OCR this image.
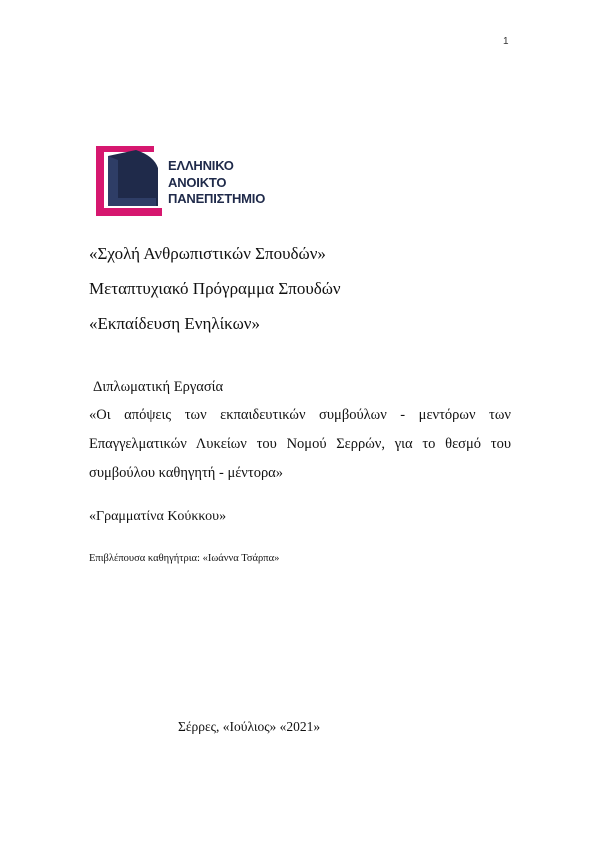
1
ΕΛΛΗΝΙΚΟ
ΑΝΟΙΚΤΟ
ΠΑΝΕΠΙΣΤΗΜΙΟ
«Σχολή Ανθρωπιστικών Σπουδών»
Μεταπτυχιακό Πρόγραμμα Σπουδών
«Εκπαίδευση Ενηλίκων»
Διπλωματική Εργασία
«Οι απόψεις των εκπαιδευτικών συμβούλων - μεντόρων των Επαγγελματικών Λυκείων του Νομού Σερρών, για το θεσμό του συμβούλου καθηγητή - μέντορα»
«Γραμματίνα Κούκκου»
Επιβλέπουσα καθηγήτρια: «Ιωάννα Τσάρπα»
Σέρρες, «Ιούλιος» «2021»
